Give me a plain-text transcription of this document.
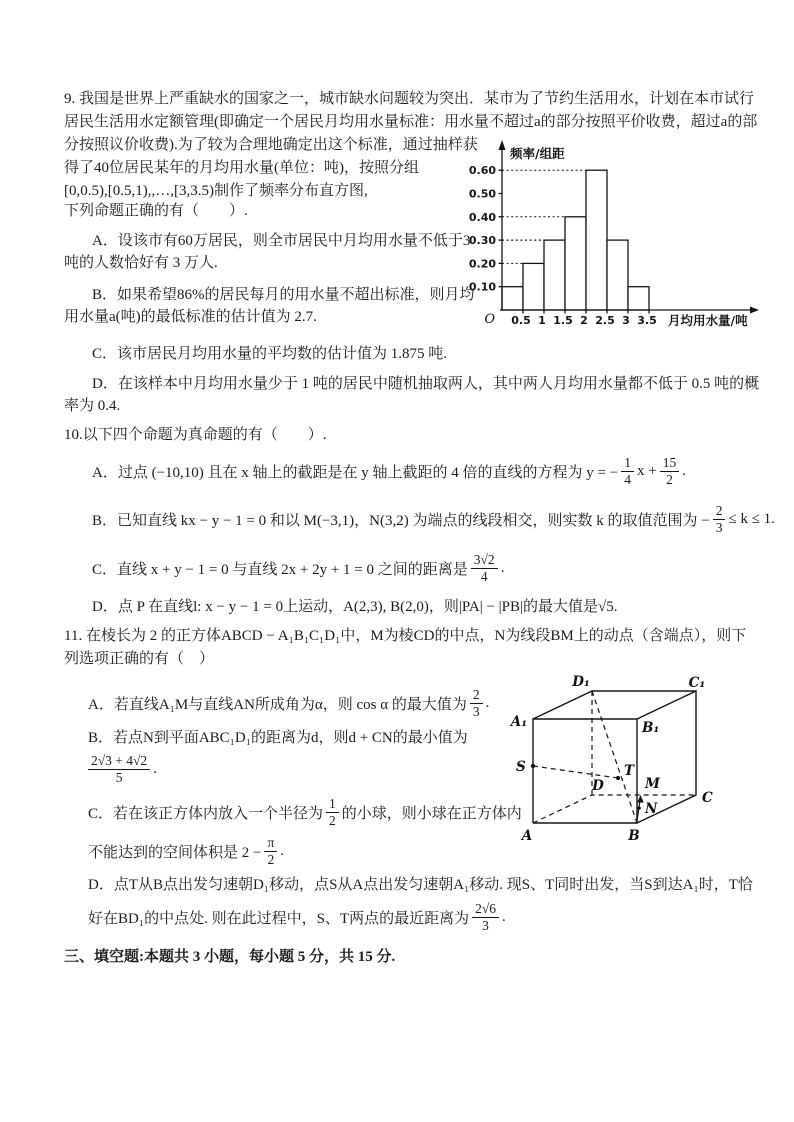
9. 我国是世界上严重缺水的国家之一，城市缺水问题较为突出．某市为了节约生活用水，计划在本市试行
居民生活用水定额管理(即确定一个居民月均用水量标准：用水量不超过a的部分按照平价收费，超过a的部
分按照议价收费).为了较为合理地确定出这个标准，通过抽样获
得了40位居民某年的月均用水量(单位：吨)，按照分组
[0,0.5),[0.5,1),,…,[3,3.5)制作了频率分布直方图,
下列命题正确的有（　　）.
0.10
0.20
0.30
0.40
0.50
0.60
0.5 1 1.5 2 2.5 3 3.5
频率/组距
月均用水量/吨
O
A．设该市有60万居民，则全市居民中月均用水量不低于3
吨的人数恰好有 3 万人.
B．如果希望86%的居民每月的用水量不超出标准，则月均
用水量a(吨)的最低标准的估计值为 2.7.
C．该市居民月均用水量的平均数的估计值为 1.875 吨.
D．在该样本中月均用水量少于 1 吨的居民中随机抽取两人，其中两人月均用水量都不低于 0.5 吨的概
率为 0.4.
10.以下四个命题为真命题的有（　　）.
A．过点 (−10,10) 且在 x 轴上的截距是在 y 轴上截距的 4 倍的直线的方程为 y = − $\frac{1}{4}$ $x + \frac{15}{2}$ .
B．已知直线 kx − y − 1 = 0 和以 M(−3,1)，N(3,2) 为端点的线段相交，则实数 k 的取值范围为 − $\frac{2}{3} \le k \le 1$.
C．直线 x + y − 1 = 0 与直线 2x + 2y + 1 = 0 之间的距离是 $\frac{3√2}{4}$ .
D．点 P 在直线l: x − y − 1 = 0上运动，A(2,3), B(2,0)，则|PA| − |PB|的最大值是√5.
11. 在棱长为 2 的正方体ABCD − A₁B₁C₁D₁中，M为棱CD的中点，N为线段BM上的动点（含端点），则下
列选项正确的有（　）
A．若直线A₁M与直线AN所成角为α，则 cos α 的最大值为 $\frac{2}{3}$ .
B．若点N到平面ABC₁D₁的距离为d，则d + CN的最小值为
$\frac{2√3 + 4√2}{5}$ .
C．若在该正方体内放入一个半径为 $\frac{1}{2}$ 的小球，则小球在正方体内
不能达到的空间体积是 $2 - \frac{\pi}{2}$ .
D．点T从B点出发匀速朝D₁移动，点S从A点出发匀速朝A₁移动. 现S、T同时出发，当S到达A₁时，T恰
好在BD₁的中点处. 则在此过程中，S、T两点的最近距离为 $\frac{2√6}{3}$ .
D₁	C₁
A₁	B₁
S	T
D	M
N
A	B
C
三、填空题:本题共 3 小题，每小题 5 分，共 15 分.
